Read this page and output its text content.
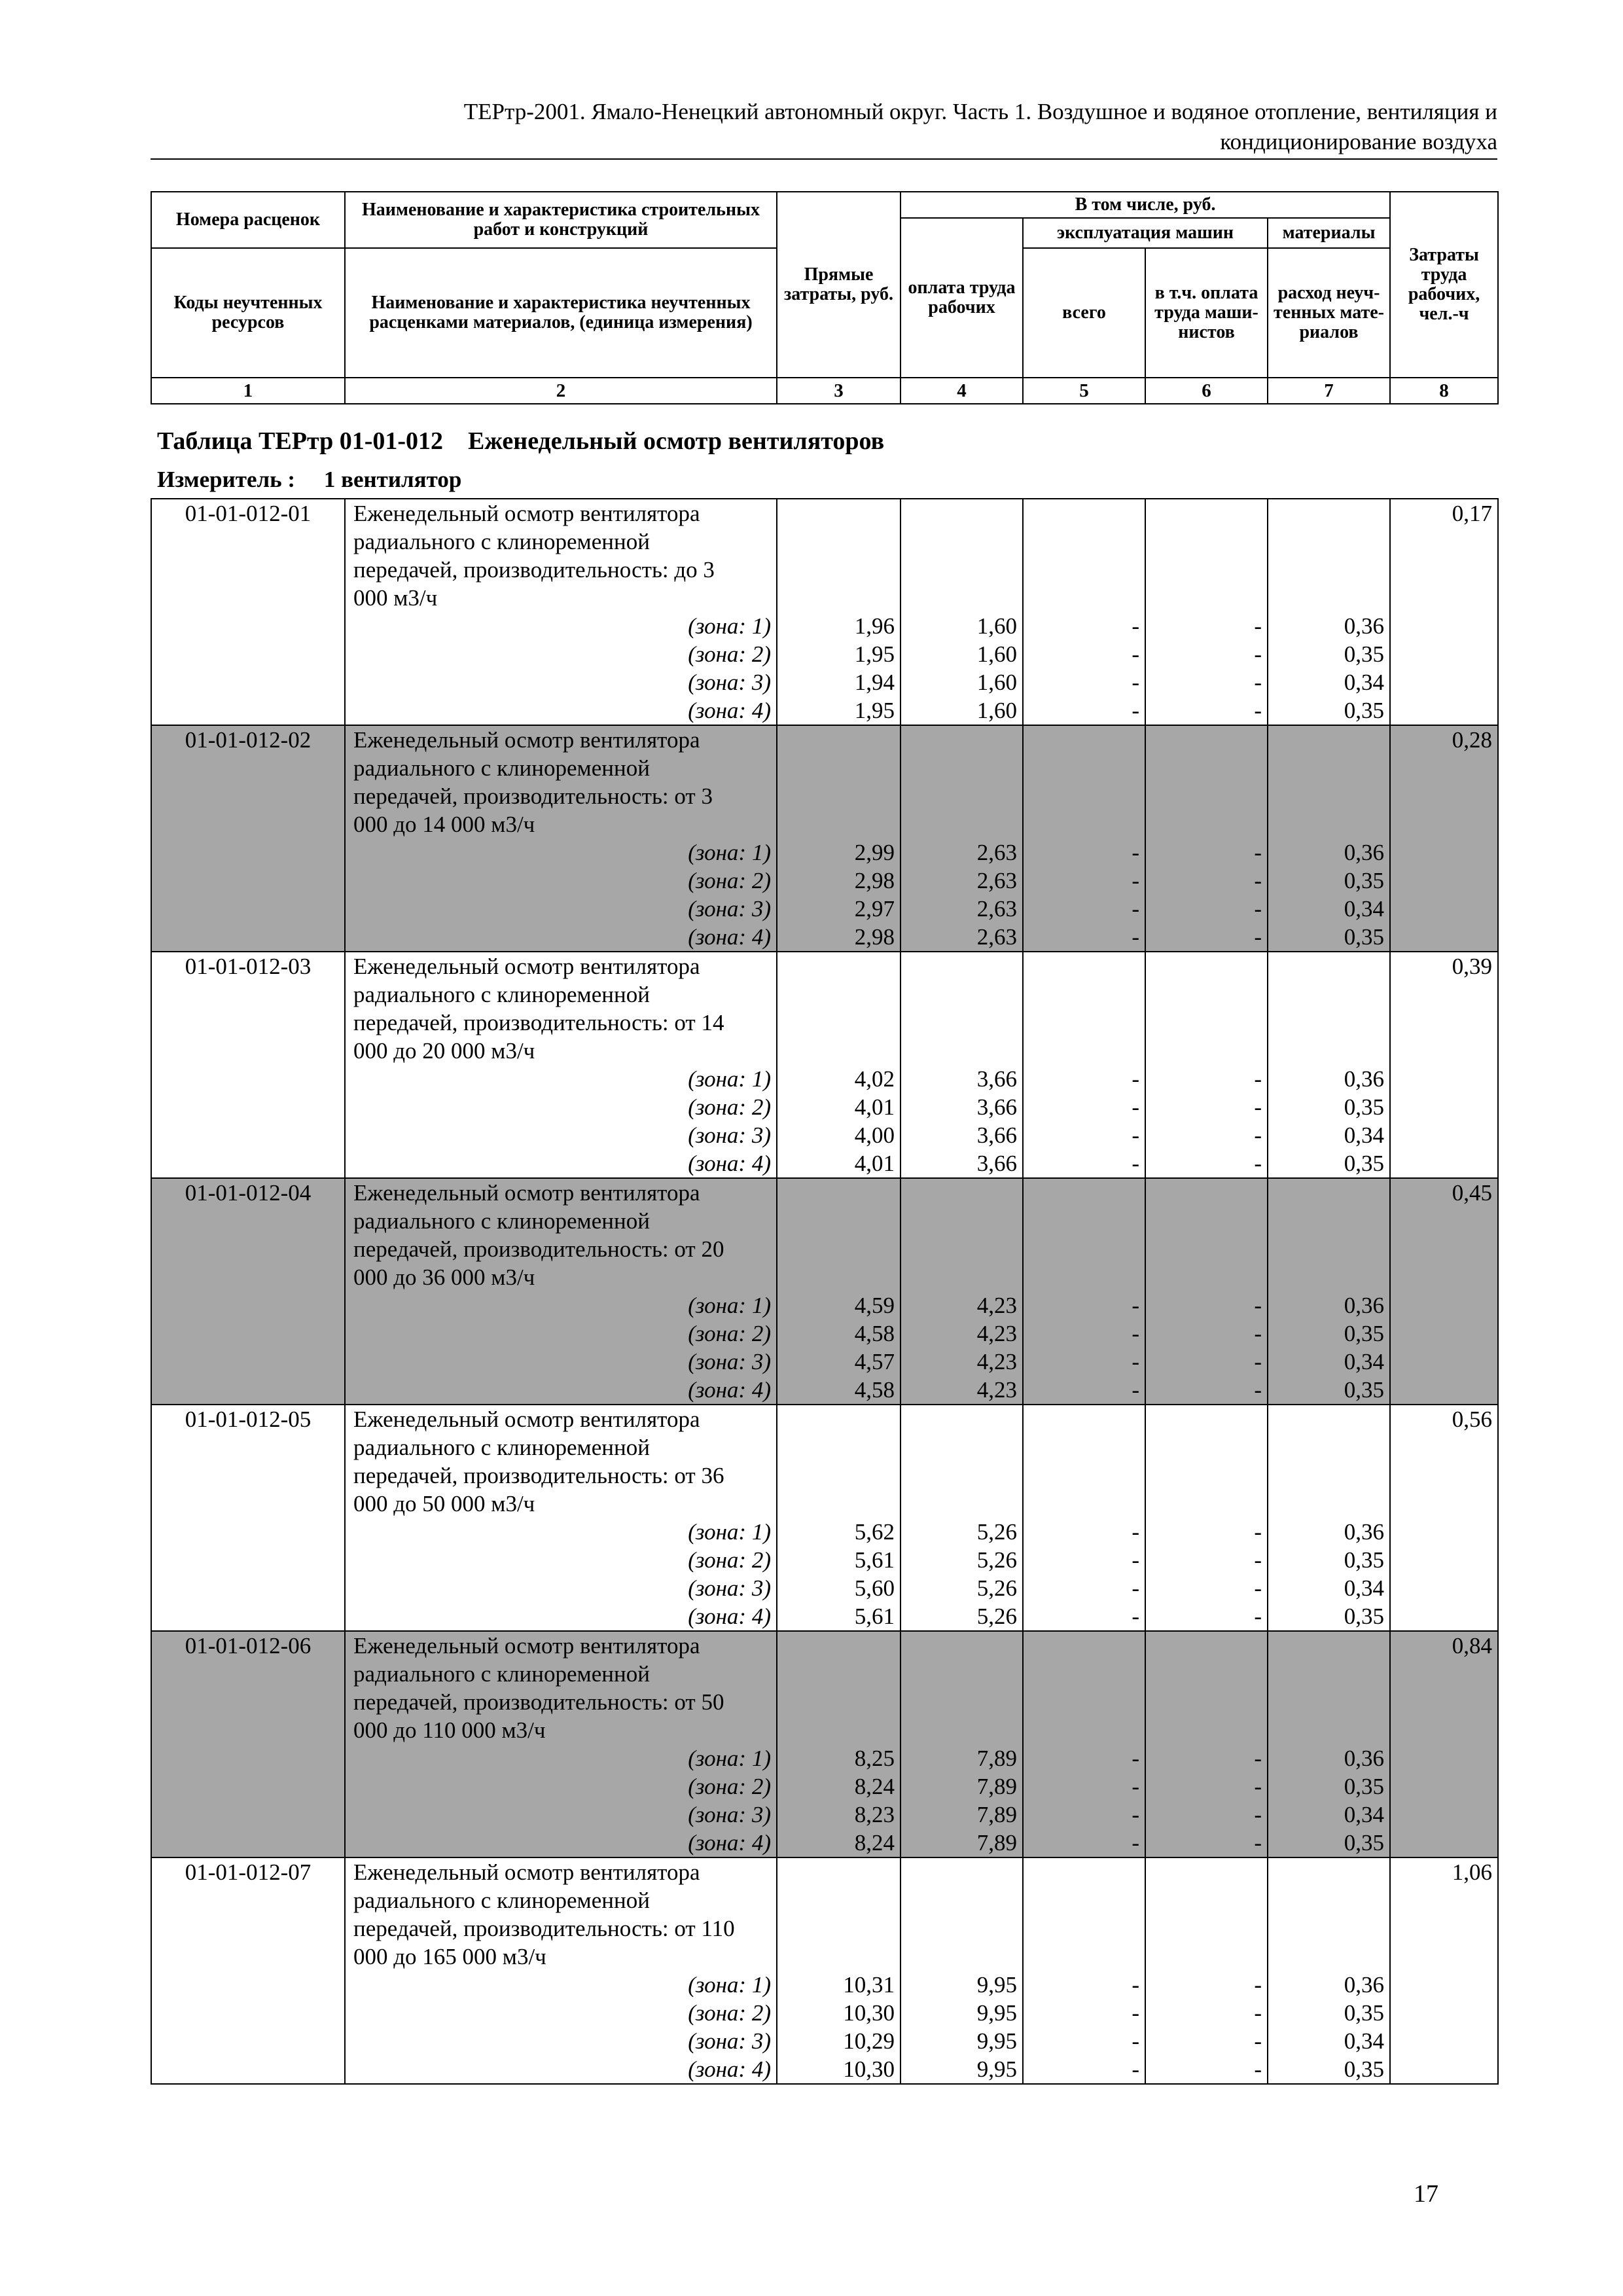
ТЕРтр-2001. Ямало-Ненецкий автономный округ. Часть 1. Воздушное и водяное отопление, вентиляция и
кондиционирование воздуха
Номера расценок	Наименование и характеристика строительных работ и конструкций	Прямые затраты, руб.	В том числе, руб.				Затраты труда рабочих, чел.-ч
			оплата труда рабочих	эксплуатация машин		материалы	
Коды неучтенных ресурсов	Наименование и характеристика неучтенных расценками материалов, (единица измерения)			всего	в т.ч. оплата труда маши-нистов	расход неуч-тенных мате-риалов	

1	2	3	4	5	6	7	8
Таблица ТЕРтр 01-01-012    Еженедельный осмотр вентиляторов
Измеритель :     1 вентилятор
01-01-012-01	Еженедельный осмотр вентилятора						0,17
	радиального с клиноременной						
	передачей, производительность: до 3						
	000 м3/ч						
	(зона: 1)	1,96	1,60	-	-	0,36	
	(зона: 2)	1,95	1,60	-	-	0,35	
	(зона: 3)	1,94	1,60	-	-	0,34	
	(зона: 4)	1,95	1,60	-	-	0,35	
01-01-012-02	Еженедельный осмотр вентилятора						0,28
	радиального с клиноременной						
	передачей, производительность: от 3						
	000 до 14 000 м3/ч						
	(зона: 1)	2,99	2,63	-	-	0,36	
	(зона: 2)	2,98	2,63	-	-	0,35	
	(зона: 3)	2,97	2,63	-	-	0,34	
	(зона: 4)	2,98	2,63	-	-	0,35	
01-01-012-03	Еженедельный осмотр вентилятора						0,39
	радиального с клиноременной						
	передачей, производительность: от 14						
	000 до 20 000 м3/ч						
	(зона: 1)	4,02	3,66	-	-	0,36	
	(зона: 2)	4,01	3,66	-	-	0,35	
	(зона: 3)	4,00	3,66	-	-	0,34	
	(зона: 4)	4,01	3,66	-	-	0,35	
01-01-012-04	Еженедельный осмотр вентилятора						0,45
	радиального с клиноременной						
	передачей, производительность: от 20						
	000 до 36 000 м3/ч						
	(зона: 1)	4,59	4,23	-	-	0,36	
	(зона: 2)	4,58	4,23	-	-	0,35	
	(зона: 3)	4,57	4,23	-	-	0,34	
	(зона: 4)	4,58	4,23	-	-	0,35	
01-01-012-05	Еженедельный осмотр вентилятора						0,56
	радиального с клиноременной						
	передачей, производительность: от 36						
	000 до 50 000 м3/ч						
	(зона: 1)	5,62	5,26	-	-	0,36	
	(зона: 2)	5,61	5,26	-	-	0,35	
	(зона: 3)	5,60	5,26	-	-	0,34	
	(зона: 4)	5,61	5,26	-	-	0,35	
01-01-012-06	Еженедельный осмотр вентилятора						0,84
	радиального с клиноременной						
	передачей, производительность: от 50						
	000 до 110 000 м3/ч						
	(зона: 1)	8,25	7,89	-	-	0,36	
	(зона: 2)	8,24	7,89	-	-	0,35	
	(зона: 3)	8,23	7,89	-	-	0,34	
	(зона: 4)	8,24	7,89	-	-	0,35	
01-01-012-07	Еженедельный осмотр вентилятора						1,06
	радиального с клиноременной						
	передачей, производительность: от 110						
	000 до 165 000 м3/ч						
	(зона: 1)	10,31	9,95	-	-	0,36	
	(зона: 2)	10,30	9,95	-	-	0,35	
	(зона: 3)	10,29	9,95	-	-	0,34	
	(зона: 4)	10,30	9,95	-	-	0,35	
17
